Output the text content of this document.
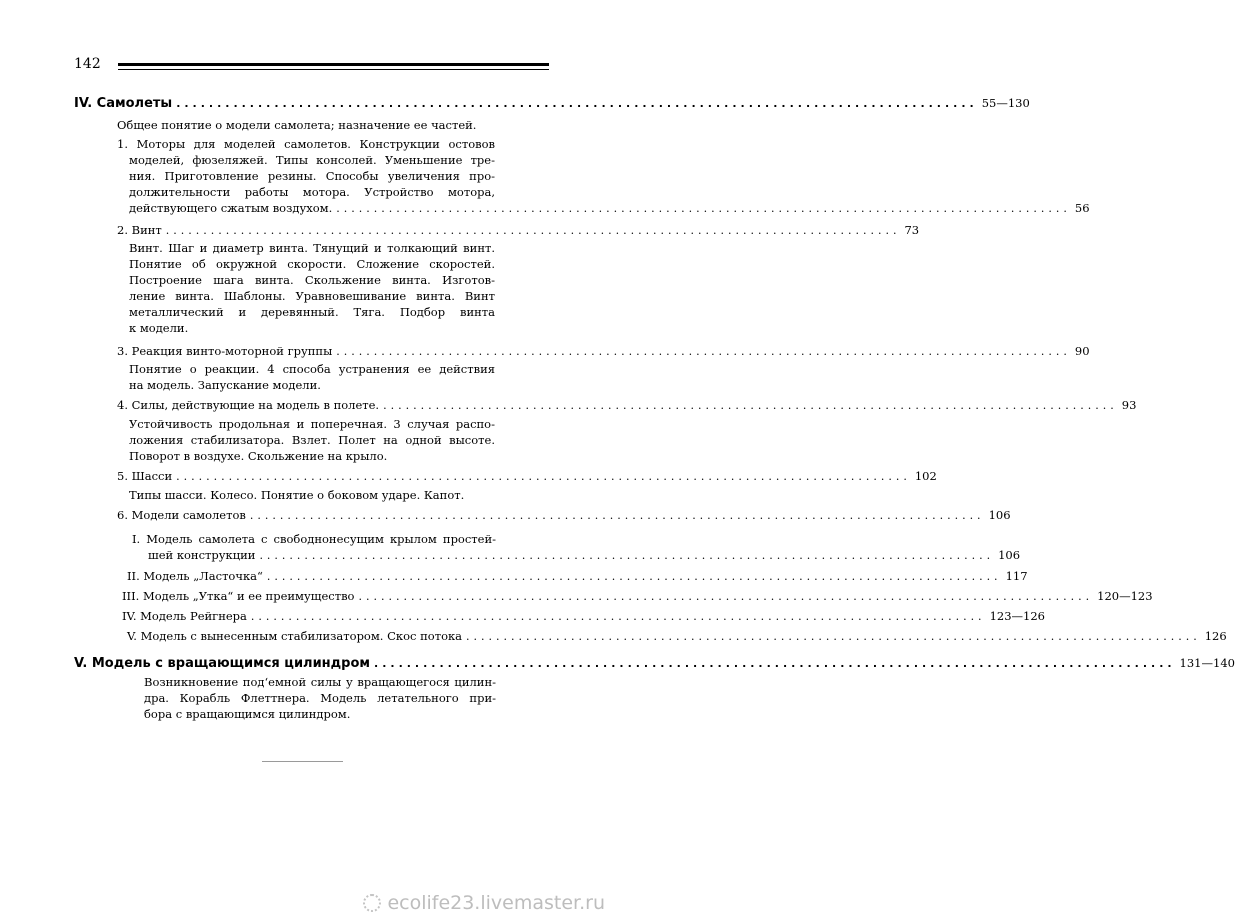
142
IV. Самолеты .................................................................................................. 55—130
Общее понятие о модели самолета; назначение ее частей.
1. Моторы для моделей самолетов. Конструкции остовов
моделей, фюзеляжей. Типы консолей. Уменьшение тре-
ния. Приготовление резины. Способы увеличения про-
должительности работы мотора. Устройство мотора,
действующего сжатым воздухом. .................................................................................................. 56
2. Винт .................................................................................................. 73
Винт. Шаг и диаметр винта. Тянущий и толкающий винт.
Понятие об окружной скорости. Сложение скоростей.
Построение шага винта. Скольжение винта. Изготов-
ление винта. Шаблоны. Уравновешивание винта. Винт
металлический и деревянный. Тяга. Подбор винта
к модели.
3. Реакция винто-моторной группы .................................................................................................. 90
Понятие о реакции. 4 способа устранения ее действия
на модель. Запускание модели.
4. Силы, действующие на модель в полете. .................................................................................................. 93
Устойчивость продольная и поперечная. 3 случая распо-
ложения стабилизатора. Взлет. Полет на одной высоте.
Поворот в воздухе. Скольжение на крыло.
5. Шасси .................................................................................................. 102
Типы шасси. Колесо. Понятие о боковом ударе. Капот.
6. Модели самолетов .................................................................................................. 106
I. Модель самолета с свободнонесущим крылом простей-
шей конструкции .................................................................................................. 106
II. Модель „Ласточка“ .................................................................................................. 117
III. Модель „Утка“ и ее преимущество .................................................................................................. 120—123
IV. Модель Рейгнера .................................................................................................. 123—126
V. Модель с вынесенным стабилизатором. Скос потока .................................................................................................. 126
V. Модель с вращающимся цилиндром .................................................................................................. 131—140
Возникновение под‘емной силы у вращающегося цилин-
дра. Корабль Флеттнера. Модель летательного при-
бора с вращающимся цилиндром.
ecolife23.livemaster.ru
